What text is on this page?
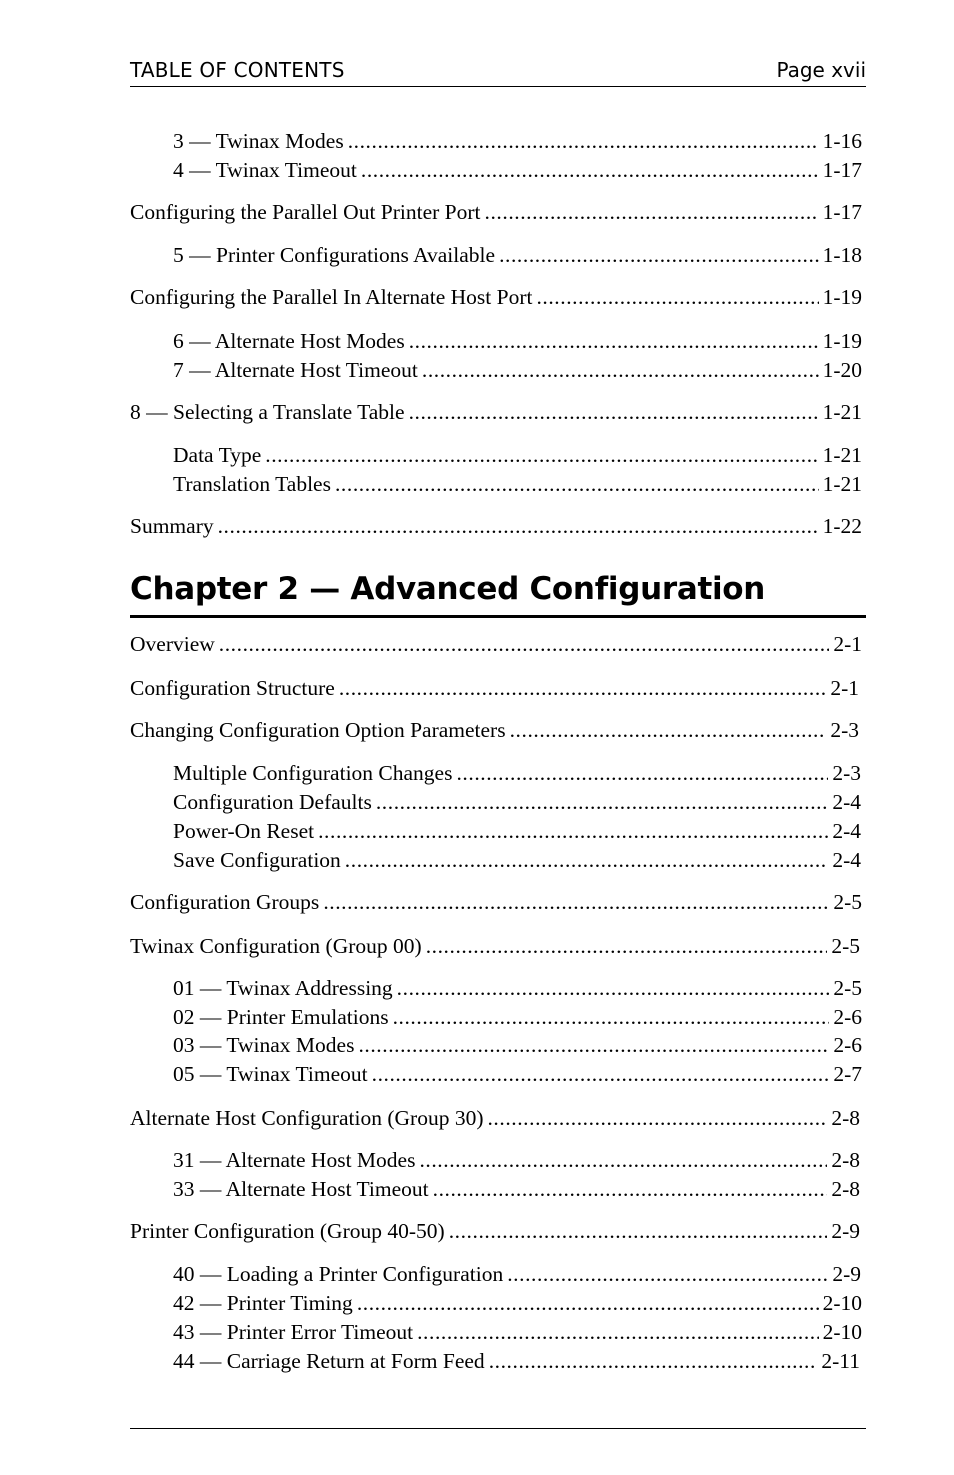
TABLE OF CONTENTS	Page xvii
3 — Twinax Modes . . .	1-16
4 — Twinax Timeout . . .	1-17
Configuring the Parallel Out Printer Port . . .	1-17
5 — Printer Configurations Available . . .	1-18
Configuring the Parallel In Alternate Host Port . . .	1-19
6 — Alternate Host Modes . . .	1-19
7 — Alternate Host Timeout . . .	1-20
8 — Selecting a Translate Table . . .	1-21
Data Type . . .	1-21
Translation Tables . . .	1-21
Summary . . .	1-22
Chapter 2 — Advanced Configuration
Overview . . .	2-1
Configuration Structure . . .	2-1
Changing Configuration Option Parameters . . .	2-3
Multiple Configuration Changes . . .	2-3
Configuration Defaults . . .	2-4
Power-On Reset . . .	2-4
Save Configuration . . .	2-4
Configuration Groups . . .	2-5
Twinax Configuration (Group 00) . . .	2-5
01 — Twinax Addressing . . .	2-5
02 — Printer Emulations . . .	2-6
03 — Twinax Modes . . .	2-6
05 — Twinax Timeout . . .	2-7
Alternate Host Configuration (Group 30) . . .	2-8
31 — Alternate Host Modes . . .	2-8
33 — Alternate Host Timeout . . .	2-8
Printer Configuration (Group 40-50) . . .	2-9
40 — Loading a Printer Configuration . . .	2-9
42 — Printer Timing . . .	2-10
43 — Printer Error Timeout . . .	2-10
44 — Carriage Return at Form Feed . . .	2-11
